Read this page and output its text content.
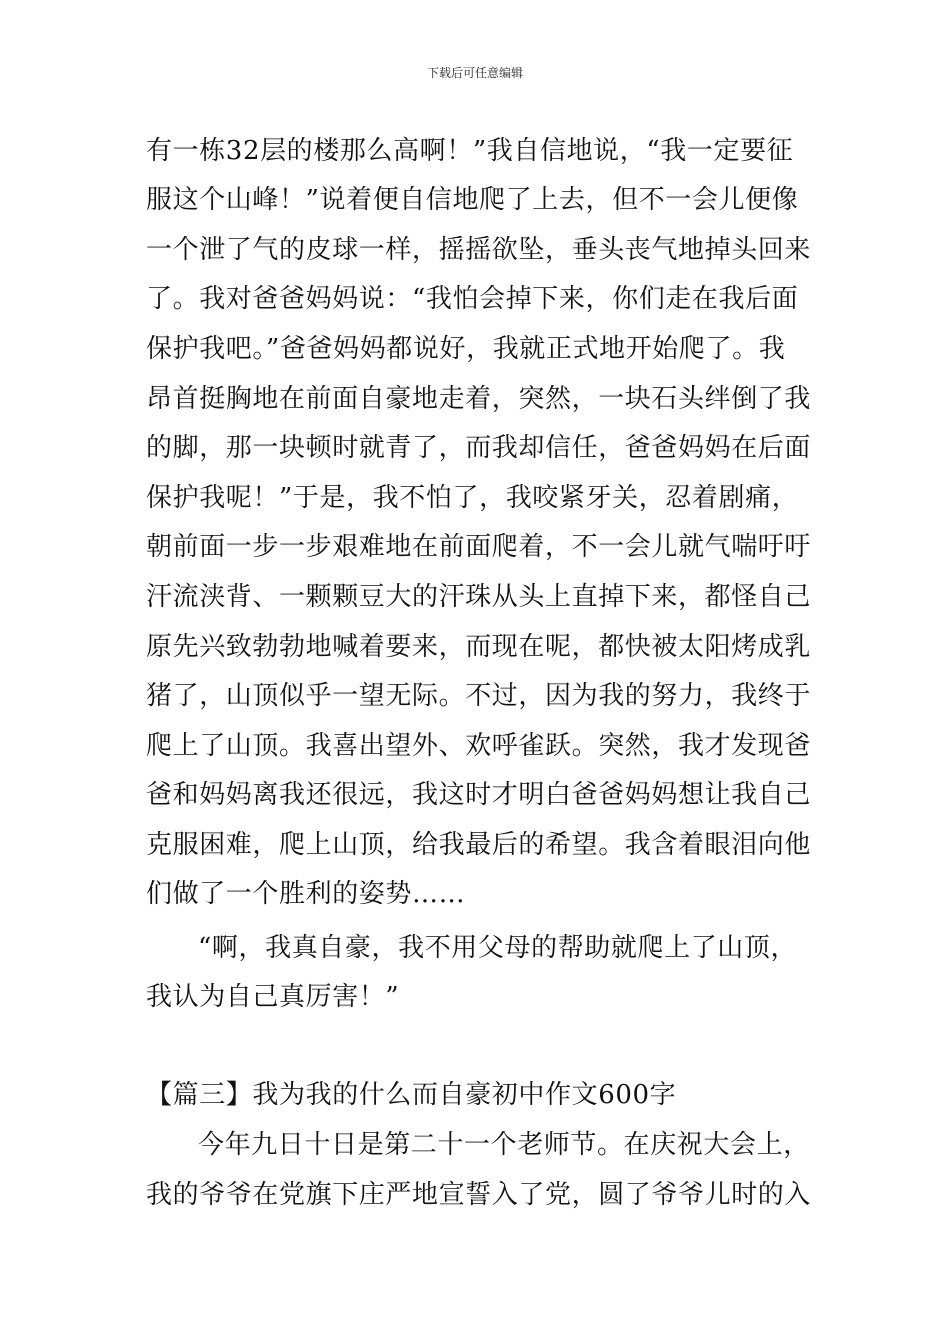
下载后可任意编辑
有一栋32层的楼那么高啊！”我自信地说，“我一定要征
服这个山峰！”说着便自信地爬了上去，但不一会儿便像
一个泄了气的皮球一样，摇摇欲坠，垂头丧气地掉头回来
了。我对爸爸妈妈说：“我怕会掉下来，你们走在我后面
保护我吧。”爸爸妈妈都说好，我就正式地开始爬了。我
昂首挺胸地在前面自豪地走着，突然，一块石头绊倒了我
的脚，那一块顿时就青了，而我却信任，爸爸妈妈在后面
保护我呢！”于是，我不怕了，我咬紧牙关，忍着剧痛，
朝前面一步一步艰难地在前面爬着，不一会儿就气喘吁吁
汗流浃背、一颗颗豆大的汗珠从头上直掉下来，都怪自己
原先兴致勃勃地喊着要来，而现在呢，都快被太阳烤成乳
猪了，山顶似乎一望无际。不过，因为我的努力，我终于
爬上了山顶。我喜出望外、欢呼雀跃。突然，我才发现爸
爸和妈妈离我还很远，我这时才明白爸爸妈妈想让我自己
克服困难，爬上山顶，给我最后的希望。我含着眼泪向他
们做了一个胜利的姿势……
“啊，我真自豪，我不用父母的帮助就爬上了山顶，
我认为自己真厉害！”
【篇三】我为我的什么而自豪初中作文600字
今年九日十日是第二十一个老师节。在庆祝大会上，
我的爷爷在党旗下庄严地宣誓入了党，圆了爷爷儿时的入
